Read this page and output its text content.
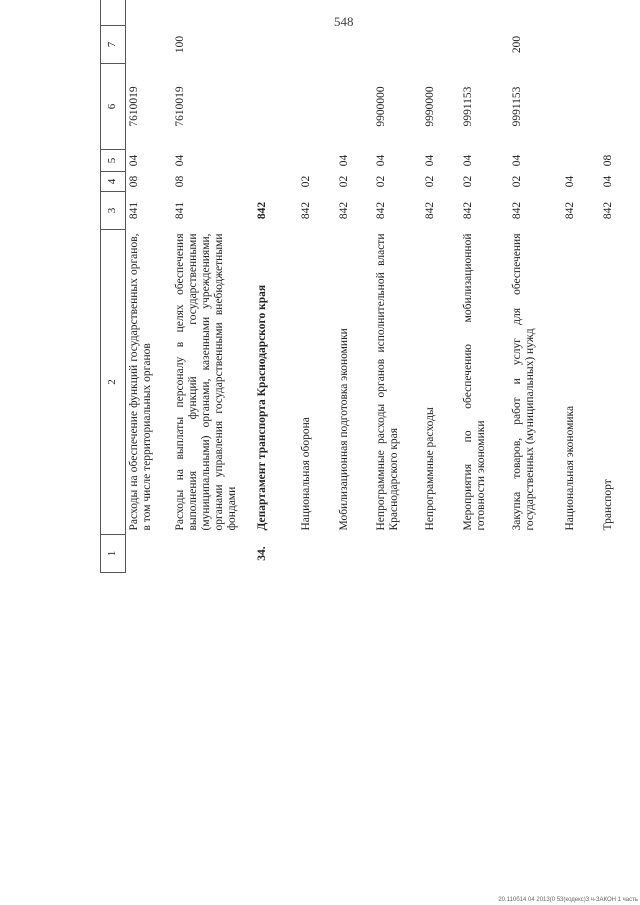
548
1	2	3	4	5	6	7		
	Расходы на обеспечение функций государственных органов, в том числе территориальных органов	841	08	04	7610019			
	Расходы на выплаты персоналу в целях обеспечения выполнения функций государственными (муниципальными) органами, казенными учреждениями, органами управления государственными внебюджетными фондами	841	08	04	7610019	100		
34.	Департамент транспорта Краснодарского края	842						
	Национальная оборона	842	02					
	Мобилизационная подготовка экономики	842	02	04				
	Непрограммные расходы органов исполнительной власти Краснодарского края	842	02	04	9900000			
	Непрограммные расходы	842	02	04	9990000			
	Мероприятия по обеспечению мобилизационной готовности экономики	842	02	04	9991153			
	Закупка товаров, работ и услуг для обеспечения государственных (муниципальных) нужд	842	02	04	9991153	200		
	Национальная экономика	842	04					
	Транспорт	842	04	08				
20.110б14 04 2013(0 53(кодекс)3 ч-ЗАКОН 1 часть
